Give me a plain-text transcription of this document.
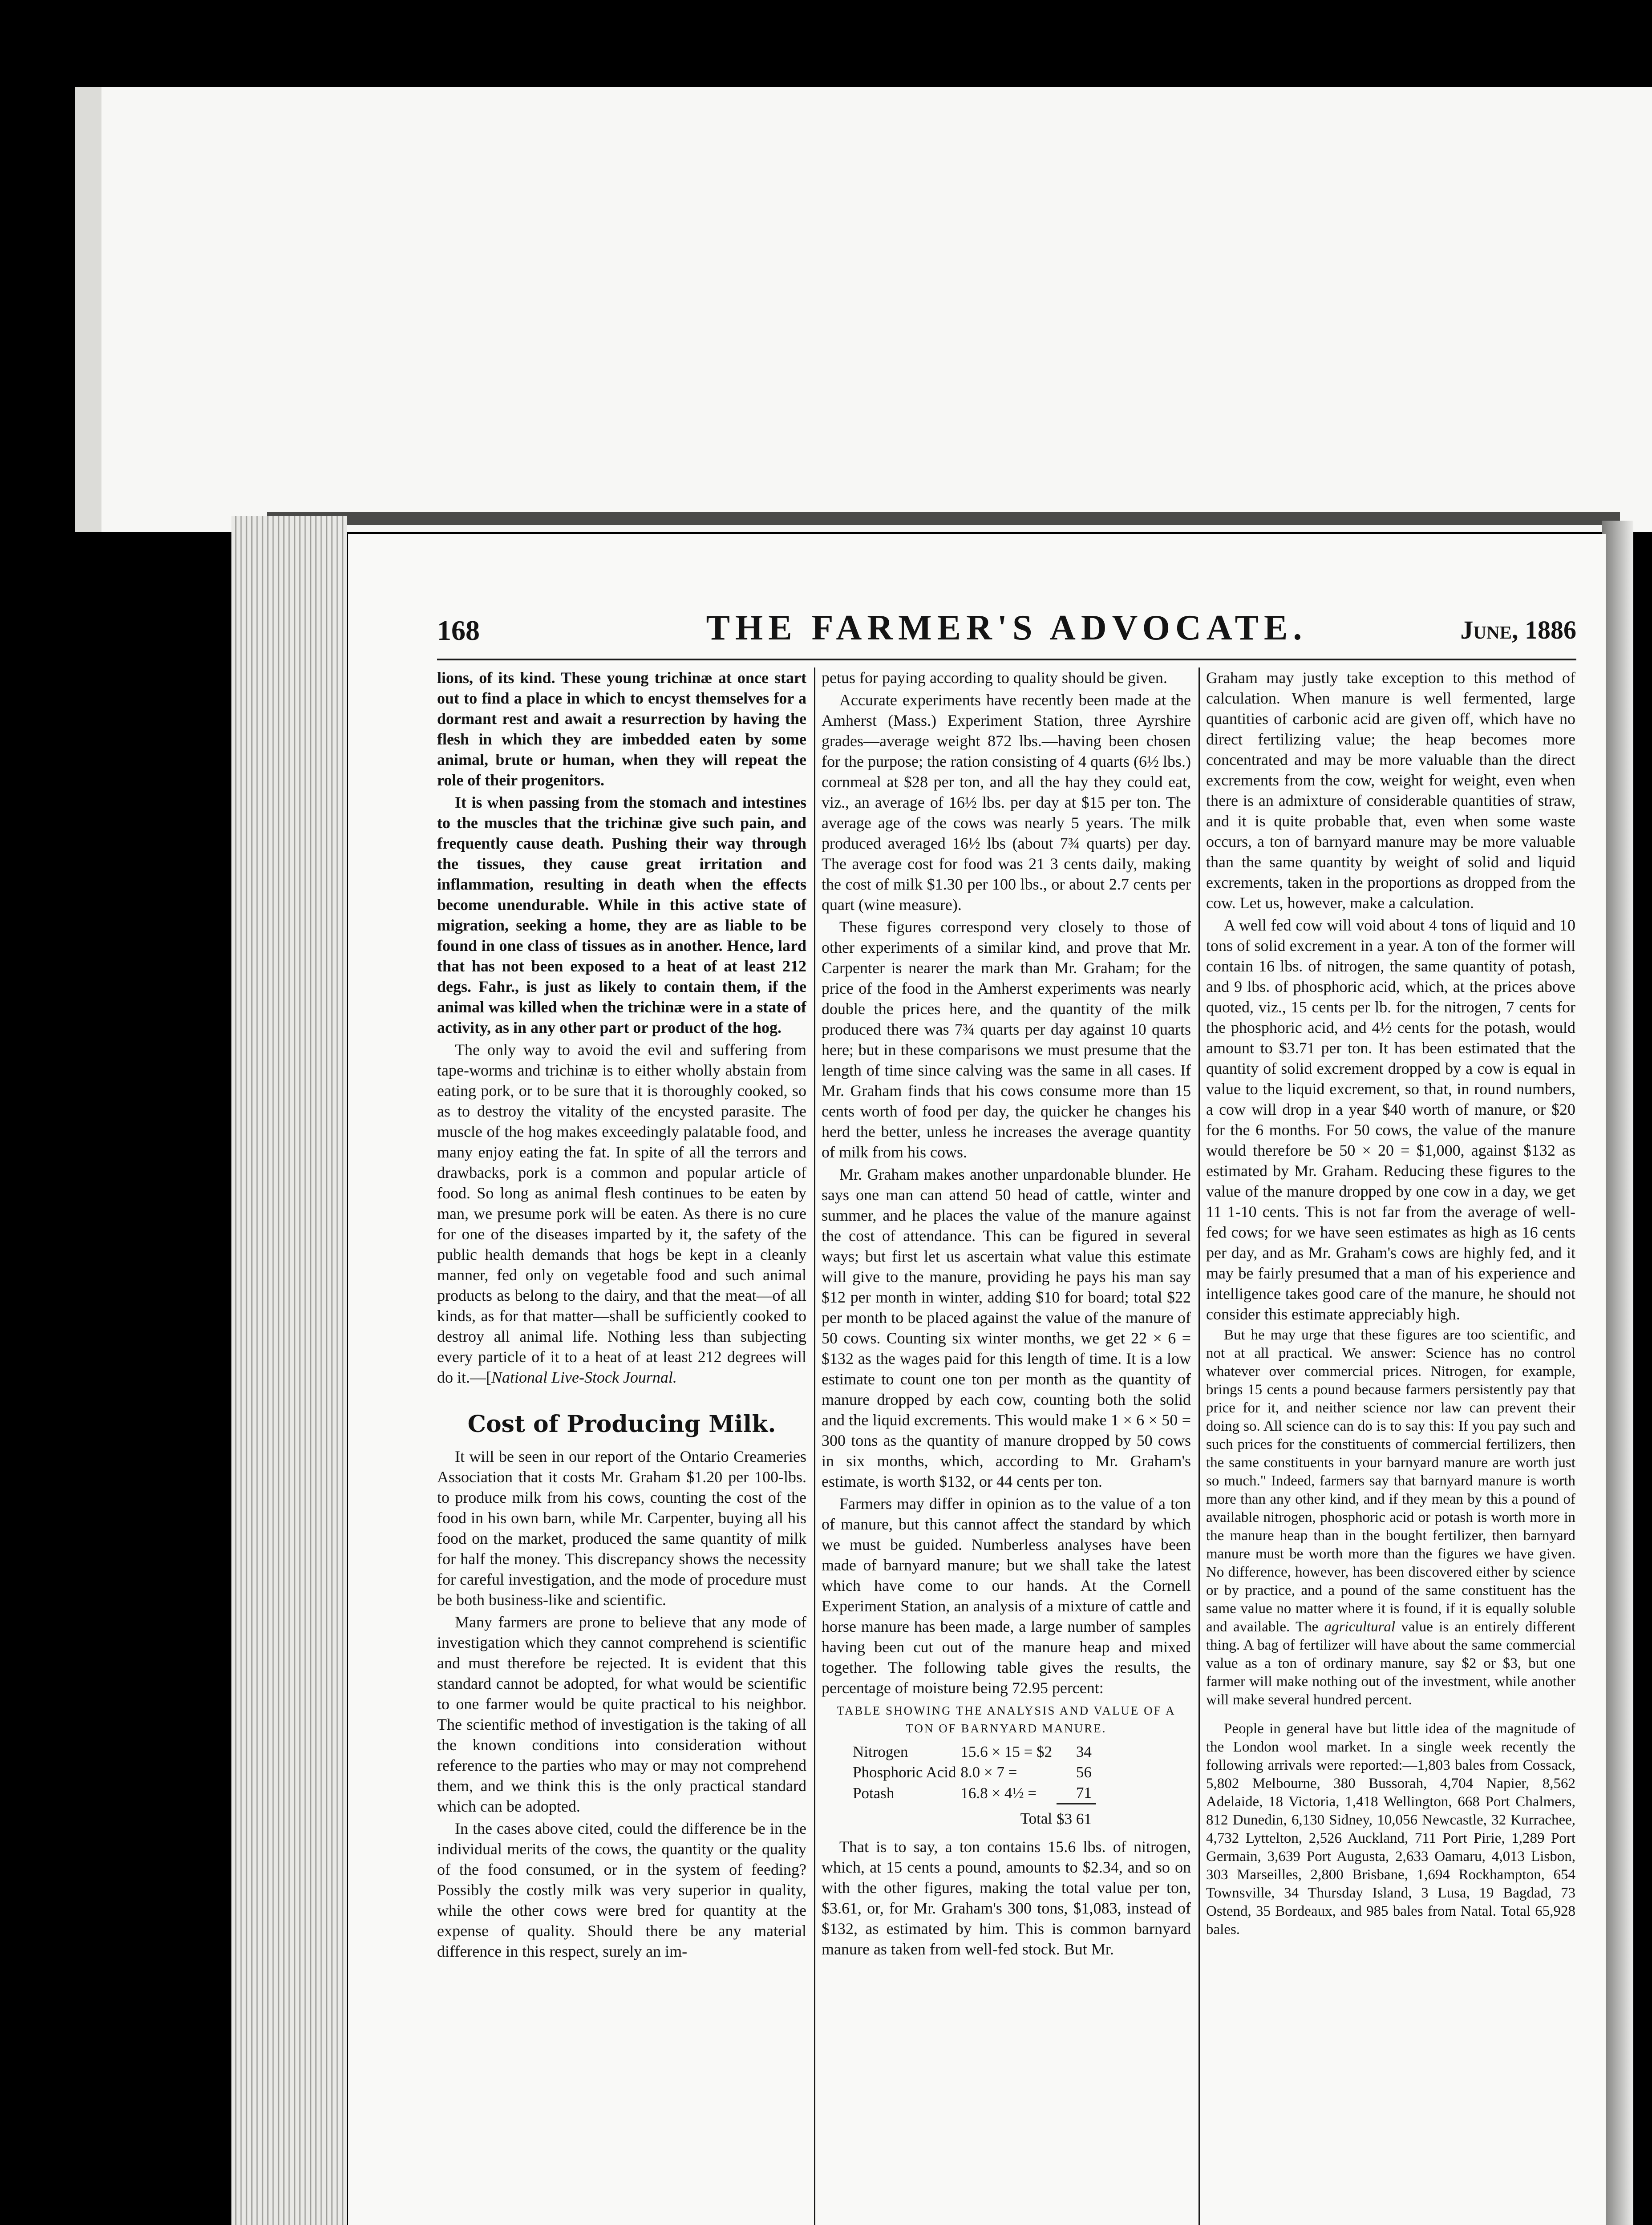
168	THE FARMER'S ADVOCATE.	June, 1886

lions, of its kind. These young trichinæ at once start out to find a place in which to encyst themselves for a dormant rest and await a resurrection by having the flesh in which they are imbedded eaten by some animal, brute or human, when they will repeat the role of their progenitors.

It is when passing from the stomach and intestines to the muscles that the trichinæ give such pain, and frequently cause death. Pushing their way through the tissues, they cause great irritation and inflammation, resulting in death when the effects become unendurable. While in this active state of migration, seeking a home, they are as liable to be found in one class of tissues as in another. Hence, lard that has not been exposed to a heat of at least 212 degs. Fahr., is just as likely to contain them, if the animal was killed when the trichinæ were in a state of activity, as in any other part or product of the hog.

The only way to avoid the evil and suffering from tape-worms and trichinæ is to either wholly abstain from eating pork, or to be sure that it is thoroughly cooked, so as to destroy the vitality of the encysted parasite. The muscle of the hog makes exceedingly palatable food, and many enjoy eating the fat. In spite of all the terrors and drawbacks, pork is a common and popular article of food. So long as animal flesh continues to be eaten by man, we presume pork will be eaten. As there is no cure for one of the diseases imparted by it, the safety of the public health demands that hogs be kept in a cleanly manner, fed only on vegetable food and such animal products as belong to the dairy, and that the meat—of all kinds, as for that matter—shall be sufficiently cooked to destroy all animal life. Nothing less than subjecting every particle of it to a heat of at least 212 degrees will do it.—[National Live-Stock Journal.

Cost of Producing Milk.

It will be seen in our report of the Ontario Creameries Association that it costs Mr. Graham $1.20 per 100-lbs. to produce milk from his cows, counting the cost of the food in his own barn, while Mr. Carpenter, buying all his food on the market, produced the same quantity of milk for half the money. This discrepancy shows the necessity for careful investigation, and the mode of procedure must be both business-like and scientific.

Many farmers are prone to believe that any mode of investigation which they cannot comprehend is scientific and must therefore be rejected. It is evident that this standard cannot be adopted, for what would be scientific to one farmer would be quite practical to his neighbor. The scientific method of investigation is the taking of all the known conditions into consideration without reference to the parties who may or may not comprehend them, and we think this is the only practical standard which can be adopted.

In the cases above cited, could the difference be in the individual merits of the cows, the quantity or the quality of the food consumed, or in the system of feeding? Possibly the costly milk was very superior in quality, while the other cows were bred for quantity at the expense of quality. Should there be any material difference in this respect, surely an im-

petus for paying according to quality should be given.

Accurate experiments have recently been made at the Amherst (Mass.) Experiment Station, three Ayrshire grades—average weight 872 lbs.—having been chosen for the purpose; the ration consisting of 4 quarts (6½ lbs.) cornmeal at $28 per ton, and all the hay they could eat, viz., an average of 16½ lbs. per day at $15 per ton. The average age of the cows was nearly 5 years. The milk produced averaged 16½ lbs (about 7¾ quarts) per day. The average cost for food was 21 3 cents daily, making the cost of milk $1.30 per 100 lbs., or about 2.7 cents per quart (wine measure).

These figures correspond very closely to those of other experiments of a similar kind, and prove that Mr. Carpenter is nearer the mark than Mr. Graham; for the price of the food in the Amherst experiments was nearly double the prices here, and the quantity of the milk produced there was 7¾ quarts per day against 10 quarts here; but in these comparisons we must presume that the length of time since calving was the same in all cases. If Mr. Graham finds that his cows consume more than 15 cents worth of food per day, the quicker he changes his herd the better, unless he increases the average quantity of milk from his cows.

Mr. Graham makes another unpardonable blunder. He says one man can attend 50 head of cattle, winter and summer, and he places the value of the manure against the cost of attendance. This can be figured in several ways; but first let us ascertain what value this estimate will give to the manure, providing he pays his man say $12 per month in winter, adding $10 for board; total $22 per month to be placed against the value of the manure of 50 cows. Counting six winter months, we get 22 × 6 = $132 as the wages paid for this length of time. It is a low estimate to count one ton per month as the quantity of manure dropped by each cow, counting both the solid and the liquid excrements. This would make 1 × 6 × 50 = 300 tons as the quantity of manure dropped by 50 cows in six months, which, according to Mr. Graham's estimate, is worth $132, or 44 cents per ton.

Farmers may differ in opinion as to the value of a ton of manure, but this cannot affect the standard by which we must be guided. Numberless analyses have been made of barnyard manure; but we shall take the latest which have come to our hands. At the Cornell Experiment Station, an analysis of a mixture of cattle and horse manure has been made, a large number of samples having been cut out of the manure heap and mixed together. The following table gives the results, the percentage of moisture being 72.95 percent:

TABLE SHOWING THE ANALYSIS AND VALUE OF A TON OF BARNYARD MANURE.
Nitrogen	15.6 × 15 = $2	34
Phosphoric Acid	8.0 × 7 =	56
Potash	16.8 × 4½ =	71
	Total	$3 61

That is to say, a ton contains 15.6 lbs. of nitrogen, which, at 15 cents a pound, amounts to $2.34, and so on with the other figures, making the total value per ton, $3.61, or, for Mr. Graham's 300 tons, $1,083, instead of $132, as estimated by him. This is common barnyard manure as taken from well-fed stock. But Mr.

Graham may justly take exception to this method of calculation. When manure is well fermented, large quantities of carbonic acid are given off, which have no direct fertilizing value; the heap becomes more concentrated and may be more valuable than the direct excrements from the cow, weight for weight, even when there is an admixture of considerable quantities of straw, and it is quite probable that, even when some waste occurs, a ton of barnyard manure may be more valuable than the same quantity by weight of solid and liquid excrements, taken in the proportions as dropped from the cow. Let us, however, make a calculation.

A well fed cow will void about 4 tons of liquid and 10 tons of solid excrement in a year. A ton of the former will contain 16 lbs. of nitrogen, the same quantity of potash, and 9 lbs. of phosphoric acid, which, at the prices above quoted, viz., 15 cents per lb. for the nitrogen, 7 cents for the phosphoric acid, and 4½ cents for the potash, would amount to $3.71 per ton. It has been estimated that the quantity of solid excrement dropped by a cow is equal in value to the liquid excrement, so that, in round numbers, a cow will drop in a year $40 worth of manure, or $20 for the 6 months. For 50 cows, the value of the manure would therefore be 50 × 20 = $1,000, against $132 as estimated by Mr. Graham. Reducing these figures to the value of the manure dropped by one cow in a day, we get 11 1-10 cents. This is not far from the average of well-fed cows; for we have seen estimates as high as 16 cents per day, and as Mr. Graham's cows are highly fed, and it may be fairly presumed that a man of his experience and intelligence takes good care of the manure, he should not consider this estimate appreciably high.

But he may urge that these figures are too scientific, and not at all practical. We answer: Science has no control whatever over commercial prices. Nitrogen, for example, brings 15 cents a pound because farmers persistently pay that price for it, and neither science nor law can prevent their doing so. All science can do is to say this: If you pay such and such prices for the constituents of commercial fertilizers, then the same constituents in your barnyard manure are worth just so much." Indeed, farmers say that barnyard manure is worth more than any other kind, and if they mean by this a pound of available nitrogen, phosphoric acid or potash is worth more in the manure heap than in the bought fertilizer, then barnyard manure must be worth more than the figures we have given. No difference, however, has been discovered either by science or by practice, and a pound of the same constituent has the same value no matter where it is found, if it is equally soluble and available. The agricultural value is an entirely different thing. A bag of fertilizer will have about the same commercial value as a ton of ordinary manure, say $2 or $3, but one farmer will make nothing out of the investment, while another will make several hundred percent.

People in general have but little idea of the magnitude of the London wool market. In a single week recently the following arrivals were reported:—1,803 bales from Cossack, 5,802 Melbourne, 380 Bussorah, 4,704 Napier, 8,562 Adelaide, 18 Victoria, 1,418 Wellington, 668 Port Chalmers, 812 Dunedin, 6,130 Sidney, 10,056 Newcastle, 32 Kurrachee, 4,732 Lyttelton, 2,526 Auckland, 711 Port Pirie, 1,289 Port Germain, 3,639 Port Augusta, 2,633 Oamaru, 4,013 Lisbon, 303 Marseilles, 2,800 Brisbane, 1,694 Rockhampton, 654 Townsville, 34 Thursday Island, 3 Lusa, 19 Bagdad, 73 Ostend, 35 Bordeaux, and 985 bales from Natal. Total 65,928 bales.
